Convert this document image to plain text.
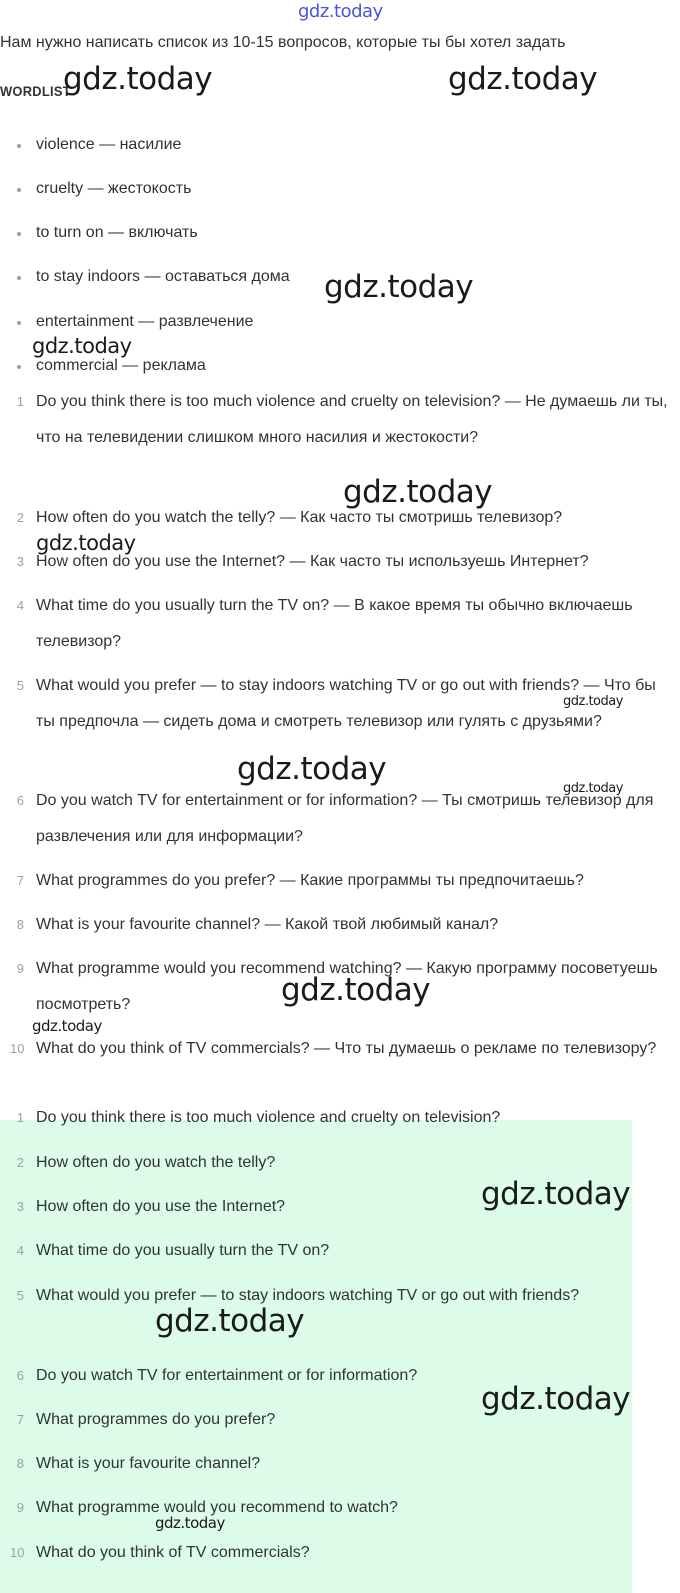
gdz.today
Нам нужно написать список из 10-15 вопросов, которые ты бы хотел задать
WORDLIST
violence — насилие
cruelty — жестокость
to turn on — включать
to stay indoors — оставаться дома
entertainment — развлечение
commercial — реклама
1 Do you think there is too much violence and cruelty on television? — Не думаешь ли ты, что на телевидении слишком много насилия и жестокости?
2 How often do you watch the telly? — Как часто ты смотришь телевизор?
3 How often do you use the Internet? — Как часто ты используешь Интернет?
4 What time do you usually turn the TV on? — В какое время ты обычно включаешь телевизор?
5 What would you prefer — to stay indoors watching TV or go out with friends? — Что бы ты предпочла — сидеть дома и смотреть телевизор или гулять с друзьями?
6 Do you watch TV for entertainment or for information? — Ты смотришь телевизор для развлечения или для информации?
7 What programmes do you prefer? — Какие программы ты предпочитаешь?
8 What is your favourite channel? — Какой твой любимый канал?
9 What programme would you recommend watching? — Какую программу посоветуешь посмотреть?
10 What do you think of TV commercials? — Что ты думаешь о рекламе по телевизору?
1 Do you think there is too much violence and cruelty on television?
2 How often do you watch the telly?
3 How often do you use the Internet?
4 What time do you usually turn the TV on?
5 What would you prefer — to stay indoors watching TV or go out with friends?
6 Do you watch TV for entertainment or for information?
7 What programmes do you prefer?
8 What is your favourite channel?
9 What programme would you recommend to watch?
10 What do you think of TV commercials?
gdz.today	gdz.today
gdz.today
gdz.today
gdz.today
gdz.today
gdz.today
gdz.today
gdz.today
gdz.today
gdz.today
gdz.today
gdz.today
gdz.today
gdz.today
